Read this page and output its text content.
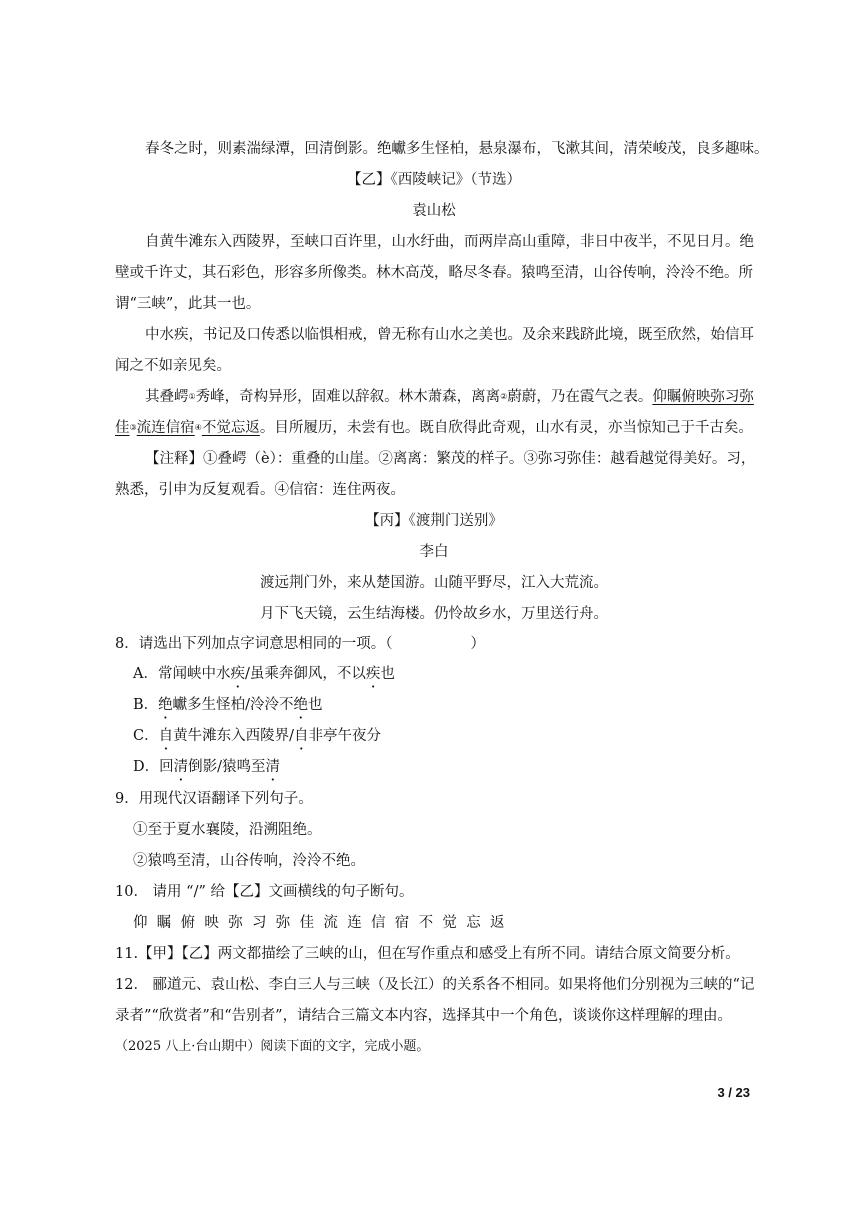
春冬之时，则素湍绿潭，回清倒影。绝巘多生怪柏，悬泉瀑布，飞漱其间，清荣峻茂，良多趣味。
【乙】《西陵峡记》（节选）
袁山松
自黄牛滩东入西陵界，至峡口百许里，山水纡曲，而两岸高山重障，非日中夜半，不见日月。绝
壁或千许丈，其石彩色，形容多所像类。林木高茂，略尽冬春。猿鸣至清，山谷传响，泠泠不绝。所
谓“三峡”，此其一也。
中水疾，书记及口传悉以临惧相戒，曾无称有山水之美也。及余来践跻此境，既至欣然，始信耳
闻之不如亲见矣。
其叠崿①秀峰，奇构异形，固难以辞叙。林木萧森，离离②蔚蔚，乃在霞气之表。仰瞩俯映弥习弥
佳③流连信宿④不觉忘返。目所履历，未尝有也。既自欣得此奇观，山水有灵，亦当惊知己于千古矣。
【注释】①叠崿（è）：重叠的山崖。②离离：繁茂的样子。③弥习弥佳：越看越觉得美好。习，
熟悉，引申为反复观看。④信宿：连住两夜。
【丙】《渡荆门送别》
李白
渡远荆门外，来从楚国游。山随平野尽，江入大荒流。
月下飞天镜，云生结海楼。仍怜故乡水，万里送行舟。
8．请选出下列加点字词意思相同的一项。（	）
A．常闻峡中水疾/虽乘奔御风，不以疾也
B．绝巘多生怪柏/泠泠不绝也
C．自黄牛滩东入西陵界/自非亭午夜分
D．回清倒影/猿鸣至清
9．用现代汉语翻译下列句子。
①至于夏水襄陵，沿溯阻绝。
②猿鸣至清，山谷传响，泠泠不绝。
10． 请用 “/” 给【乙】文画横线的句子断句。
仰瞩俯映弥习弥佳流连信宿不觉忘返
11.【甲】【乙】两文都描绘了三峡的山，但在写作重点和感受上有所不同。请结合原文简要分析。
12． 郦道元、袁山松、李白三人与三峡（及长江）的关系各不相同。如果将他们分别视为三峡的“记
录者”“欣赏者”和“告别者”，请结合三篇文本内容，选择其中一个角色，谈谈你这样理解的理由。
（2025 八上·台山期中）阅读下面的文字，完成小题。
3 / 23
